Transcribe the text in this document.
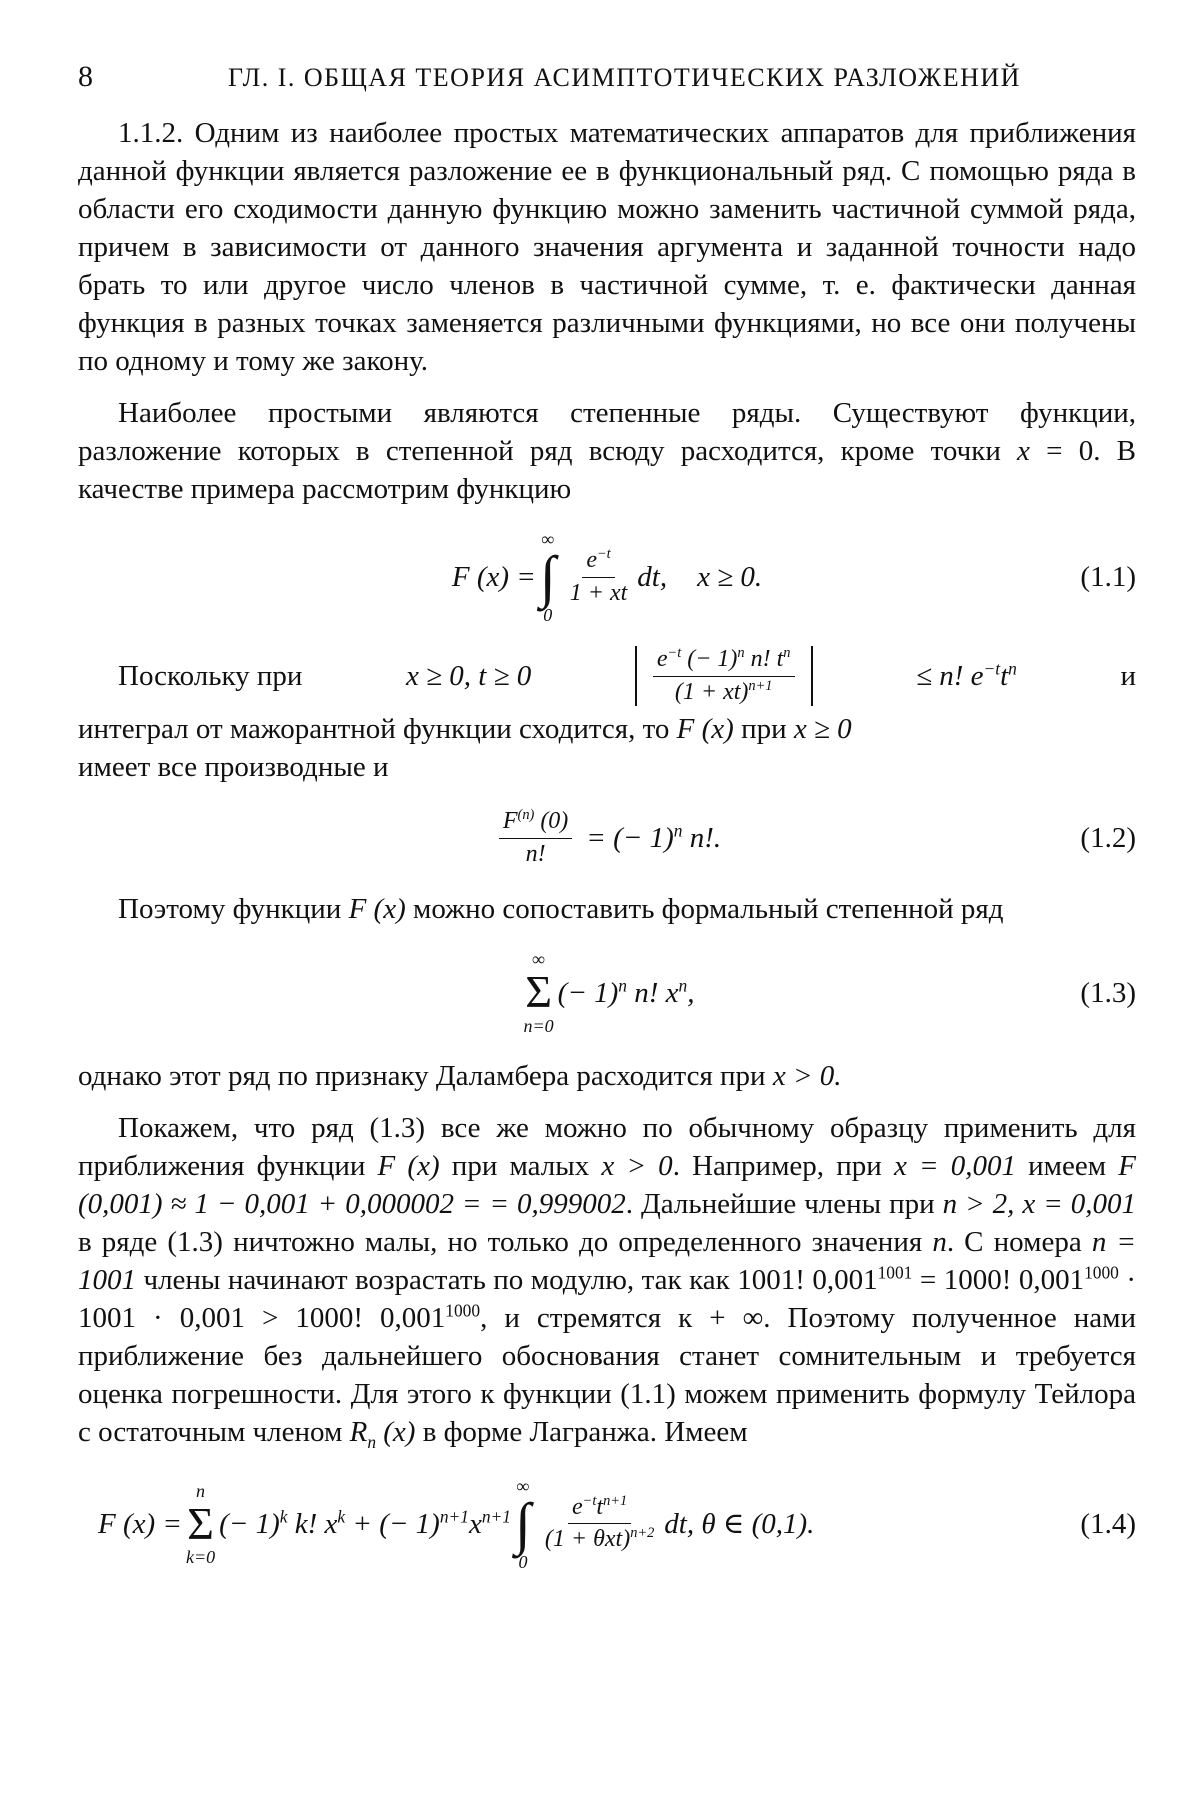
8	ГЛ. I. ОБЩАЯ ТЕОРИЯ АСИМПТОТИЧЕСКИХ РАЗЛОЖЕНИЙ

1.1.2. Одним из наиболее простых математических аппаратов для приближения данной функции является разложение ее в функциональный ряд. С помощью ряда в области его сходимости данную функцию можно заменить частичной суммой ряда, причем в зависимости от данного значения аргумента и заданной точности надо брать то или другое число членов в частичной сумме, т. е. фактически данная функция в разных точках заменяется различными функциями, но все они получены по одному и тому же закону.

Наиболее простыми являются степенные ряды. Существуют функции, разложение которых в степенной ряд всюду расходится, кроме точки x = 0. В качестве примера рассмотрим функцию

F (x) =
∞
∫
0
$\frac{e^{-t}}{1 + xt}$ dt, x ≥ 0.	(1.1)
Поскольку при	x ≥ 0, t ≥ 0	$\frac{e^{-t} (- 1)^n n! t^n}{(1 + xt)^{n+1}}$	≤ n! $e^{-t}t^n$	и

интеграл от мажорантной функции сходится, то F (x) при x ≥ 0
имеет все производные и

$\frac{F^{(n)} (0)}{n!}$ = (− 1)$^n$ n!.	(1.2)

Поэтому функции F (x) можно сопоставить формальный степенной ряд

∞
Σ
n=0
(− 1)$^n$ n! $x^n$,	(1.3)

однако этот ряд по признаку Даламбера расходится при x > 0.

Покажем, что ряд (1.3) все же можно по обычному образцу применить для приближения функции F (x) при малых x > 0. Например, при x = 0,001 имеем F (0,001) ≈ 1 − 0,001 + 0,000002 = = 0,999002. Дальнейшие члены при n > 2, x = 0,001 в ряде (1.3) ничтожно малы, но только до определенного значения n. С номера n = 1001 члены начинают возрастать по модулю, так как 1001! $0,001^{1001} = 1000$! $0,001^{1000} \cdot 1001 \cdot 0,001 > 1000$! $0,001^{1000}$, и стремятся к + ∞. Поэтому полученное нами приближение без дальнейшего обоснования станет сомнительным и требуется оценка погрешности. Для этого к функции (1.1) можем применить формулу Тейлора с остаточным членом $R_n$ (x) в форме Лагранжа. Имеем

F (x) =
n
Σ
k=0
(− 1)$^k$ k! $x^k$ + (− $1)^{n+1}x^{n+1}$
∞
∫
0
$\frac{e^{-t}t^{n+1}}{(1 + \theta xt)^{n+2}}$ dt, θ ∈ (0,1).	(1.4)
